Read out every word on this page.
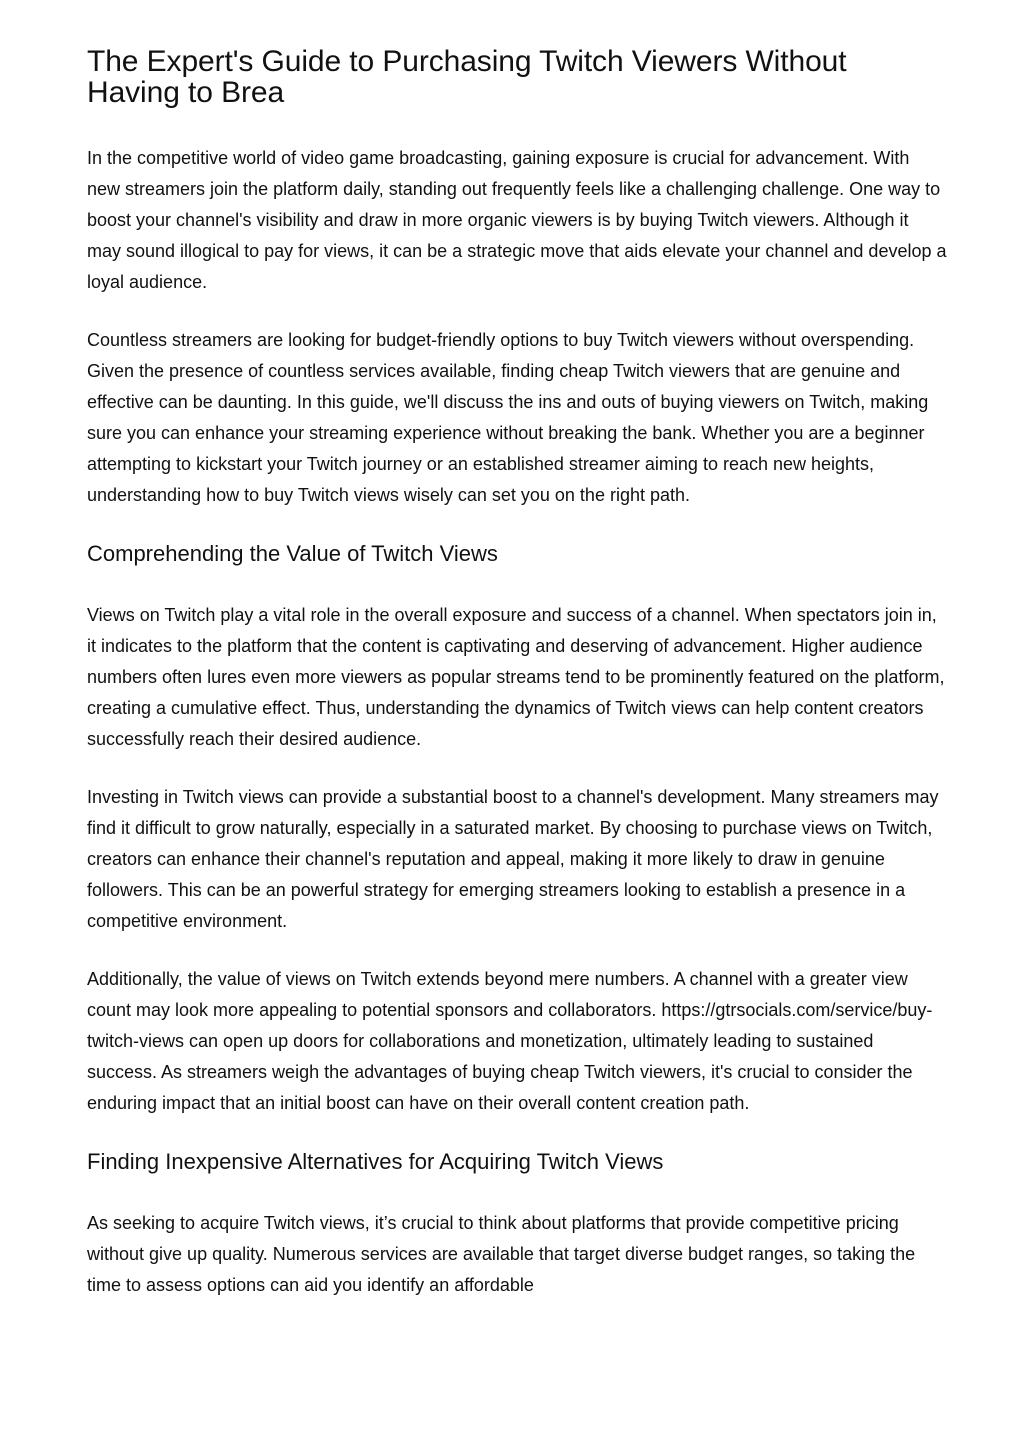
The Expert's Guide to Purchasing Twitch Viewers Without Having to Brea

In the competitive world of video game broadcasting, gaining exposure is crucial for advancement. With new streamers join the platform daily, standing out frequently feels like a challenging challenge. One way to boost your channel's visibility and draw in more organic viewers is by buying Twitch viewers. Although it may sound illogical to pay for views, it can be a strategic move that aids elevate your channel and develop a loyal audience.

Countless streamers are looking for budget-friendly options to buy Twitch viewers without overspending. Given the presence of countless services available, finding cheap Twitch viewers that are genuine and effective can be daunting. In this guide, we'll discuss the ins and outs of buying viewers on Twitch, making sure you can enhance your streaming experience without breaking the bank. Whether you are a beginner attempting to kickstart your Twitch journey or an established streamer aiming to reach new heights, understanding how to buy Twitch views wisely can set you on the right path.

Comprehending the Value of Twitch Views

Views on Twitch play a vital role in the overall exposure and success of a channel. When spectators join in, it indicates to the platform that the content is captivating and deserving of advancement. Higher audience numbers often lures even more viewers as popular streams tend to be prominently featured on the platform, creating a cumulative effect. Thus, understanding the dynamics of Twitch views can help content creators successfully reach their desired audience.

Investing in Twitch views can provide a substantial boost to a channel's development. Many streamers may find it difficult to grow naturally, especially in a saturated market. By choosing to purchase views on Twitch, creators can enhance their channel's reputation and appeal, making it more likely to draw in genuine followers. This can be an powerful strategy for emerging streamers looking to establish a presence in a competitive environment.

Additionally, the value of views on Twitch extends beyond mere numbers. A channel with a greater view count may look more appealing to potential sponsors and collaborators. https://gtrsocials.com/service/buy-twitch-views can open up doors for collaborations and monetization, ultimately leading to sustained success. As streamers weigh the advantages of buying cheap Twitch viewers, it's crucial to consider the enduring impact that an initial boost can have on their overall content creation path.

Finding Inexpensive Alternatives for Acquiring Twitch Views

As seeking to acquire Twitch views, it’s crucial to think about platforms that provide competitive pricing without give up quality. Numerous services are available that target diverse budget ranges, so taking the time to assess options can aid you identify an affordable
